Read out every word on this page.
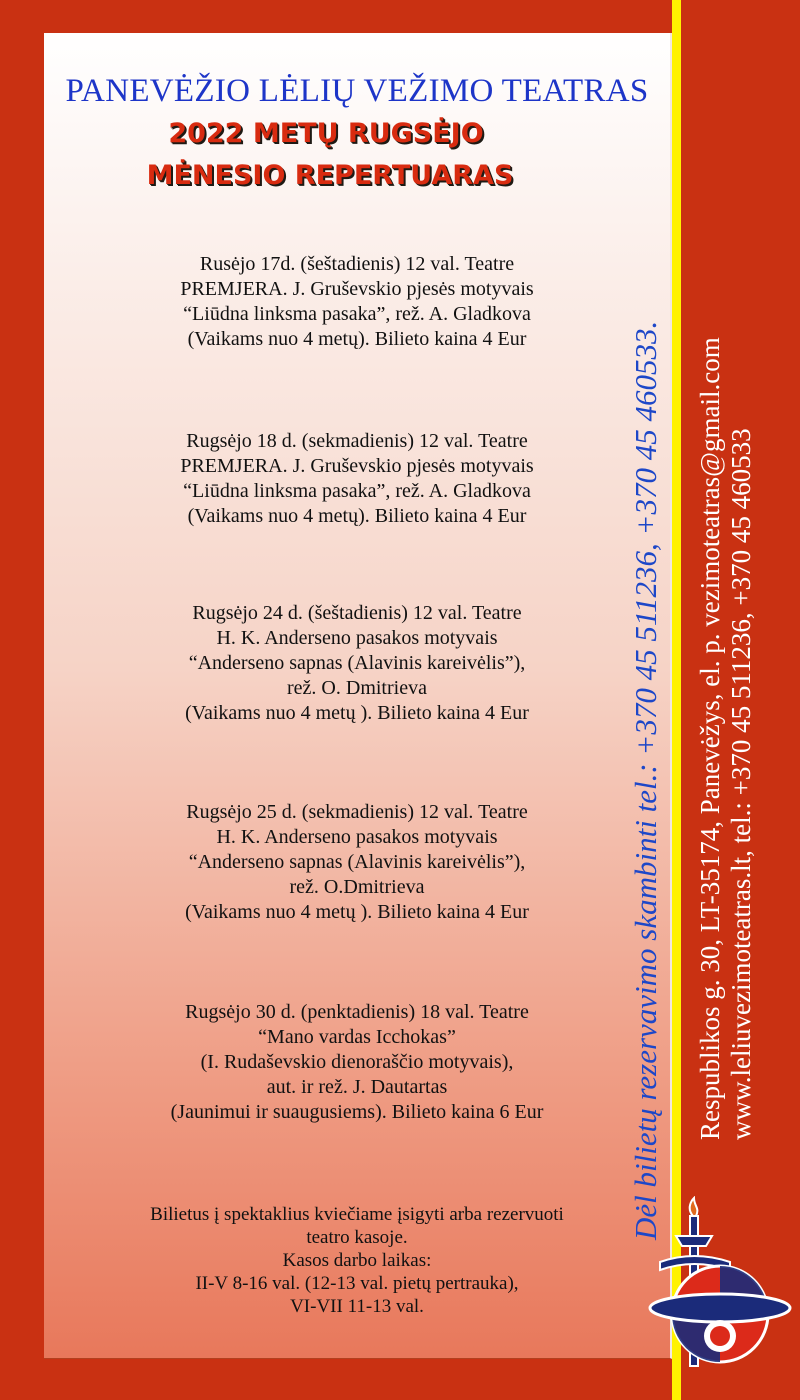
PANEVĖŽIO LĖLIŲ VEŽIMO TEATRAS
2022 METŲ RUGSĖJO
MĖNESIO REPERTUARAS
Rusėjo 17d. (šeštadienis) 12 val. Teatre
PREMJERA. J. Gruševskio pjesės motyvais
“Liūdna linksma pasaka”, rež. A. Gladkova
(Vaikams nuo 4 metų). Bilieto kaina 4 Eur
Rugsėjo 18 d. (sekmadienis) 12 val. Teatre
PREMJERA. J. Gruševskio pjesės motyvais
“Liūdna linksma pasaka”, rež. A. Gladkova
(Vaikams nuo 4 metų). Bilieto kaina 4 Eur
Rugsėjo 24 d. (šeštadienis) 12 val. Teatre
H. K. Anderseno pasakos motyvais
“Anderseno sapnas (Alavinis kareivėlis”),
rež. O. Dmitrieva
(Vaikams nuo 4 metų ). Bilieto kaina 4 Eur
Rugsėjo 25 d. (sekmadienis) 12 val. Teatre
H. K. Anderseno pasakos motyvais
“Anderseno sapnas (Alavinis kareivėlis”),
rež. O.Dmitrieva
(Vaikams nuo 4 metų ). Bilieto kaina 4 Eur
Rugsėjo 30 d. (penktadienis) 18 val. Teatre
“Mano vardas Icchokas”
(I. Rudaševskio dienoraščio motyvais),
aut. ir rež. J. Dautartas
(Jaunimui ir suaugusiems). Bilieto kaina 6 Eur
Bilietus į spektaklius kviečiame įsigyti arba rezervuoti
teatro kasoje.
Kasos darbo laikas:
II-V 8-16 val. (12-13 val. pietų pertrauka),
VI-VII 11-13 val.
Dėl bilietų rezervavimo skambinti tel.: +370 45 511236, +370 45 460533. Respublikos g. 30, LT-35174, Panevėžys, el. p. vezimoteatras@gmail.com www.leliuvezimoteatras.lt, tel.: +370 45 511236, +370 45 460533
